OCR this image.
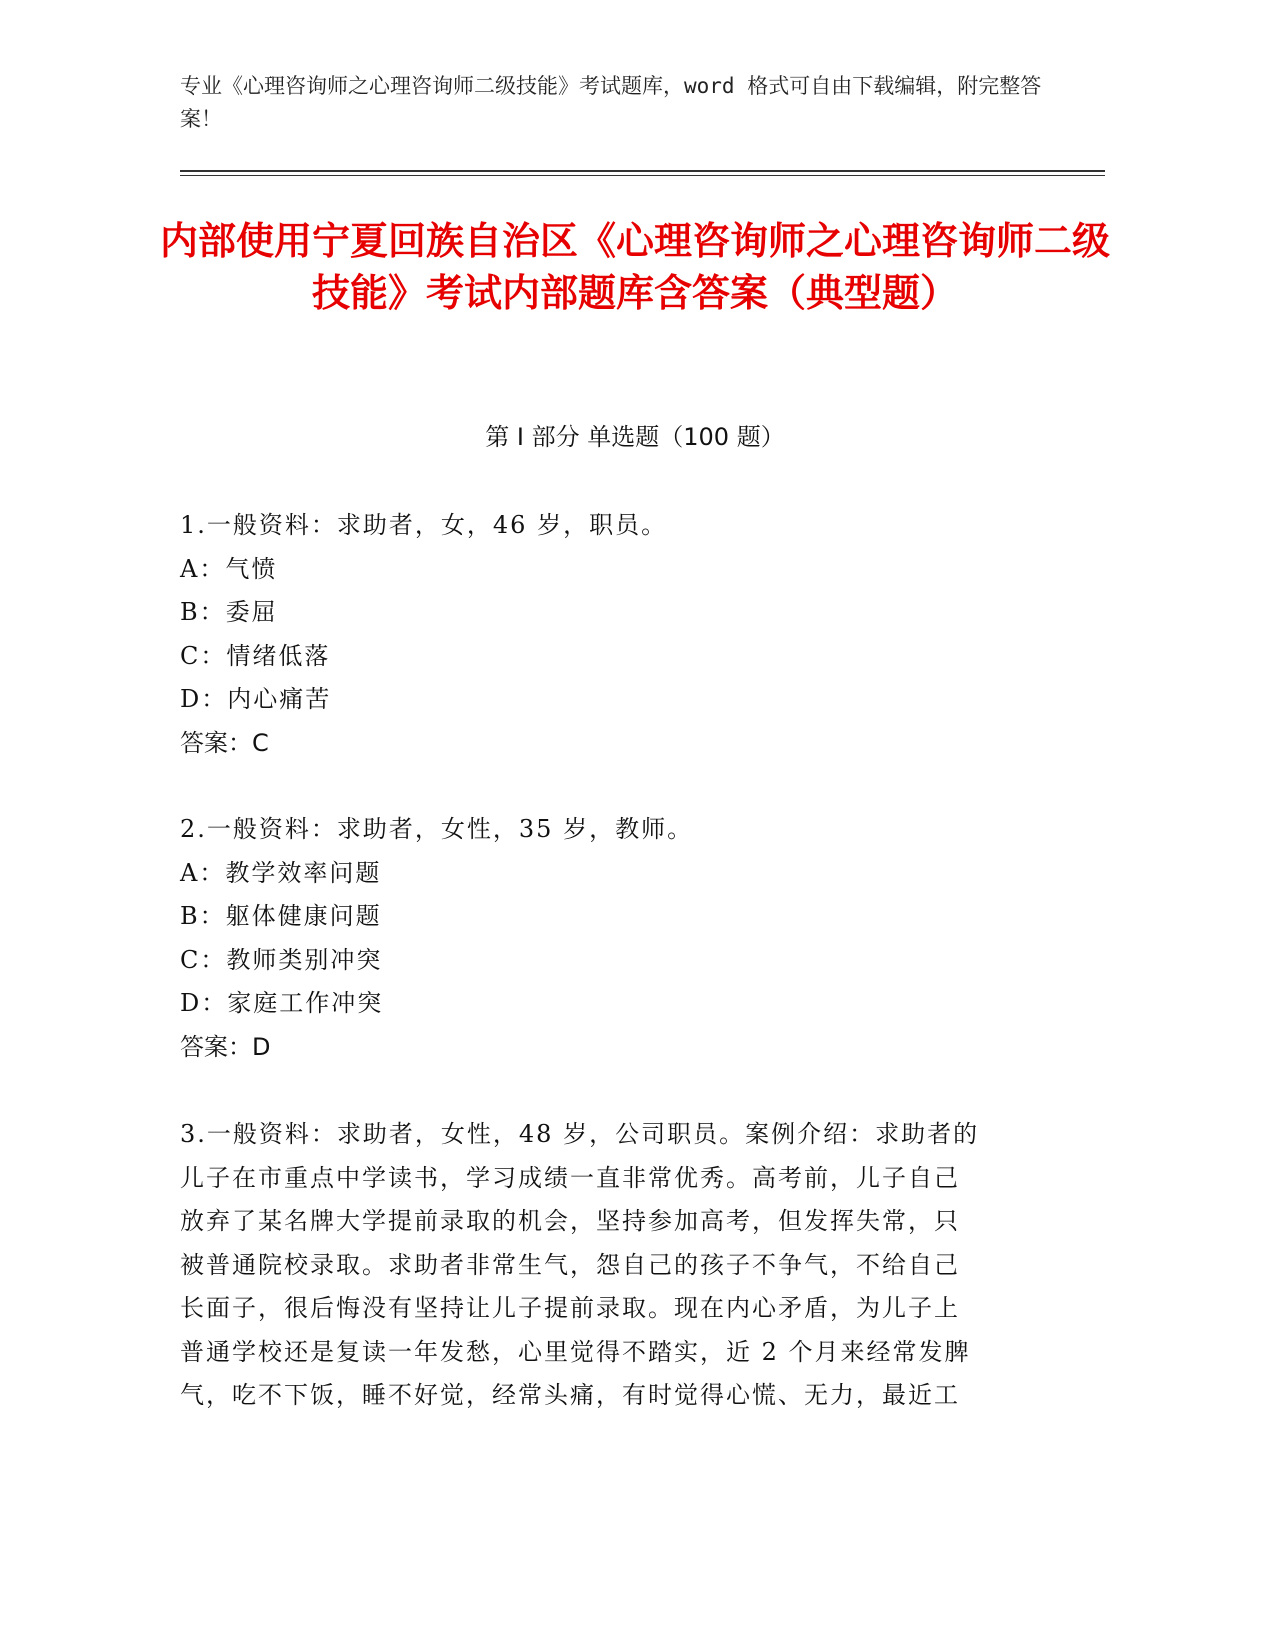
专业《心理咨询师之心理咨询师二级技能》考试题库，word 格式可自由下载编辑，附完整答案！
内部使用宁夏回族自治区《心理咨询师之心理咨询师二级技能》考试内部题库含答案（典型题）
第 I 部分 单选题（100 题）

1.一般资料：求助者，女，46 岁，职员。

A：气愤

B：委屈

C：情绪低落

D：内心痛苦

答案：C

2.一般资料：求助者，女性，35 岁，教师。

A：教学效率问题

B：躯体健康问题

C：教师类别冲突

D：家庭工作冲突

答案：D

3.一般资料：求助者，女性，48 岁，公司职员。案例介绍：求助者的

儿子在市重点中学读书，学习成绩一直非常优秀。高考前，儿子自己

放弃了某名牌大学提前录取的机会，坚持参加高考，但发挥失常，只

被普通院校录取。求助者非常生气，怨自己的孩子不争气，不给自己

长面子，很后悔没有坚持让儿子提前录取。现在内心矛盾，为儿子上

普通学校还是复读一年发愁，心里觉得不踏实，近 2 个月来经常发脾

气，吃不下饭，睡不好觉，经常头痛，有时觉得心慌、无力，最近工
